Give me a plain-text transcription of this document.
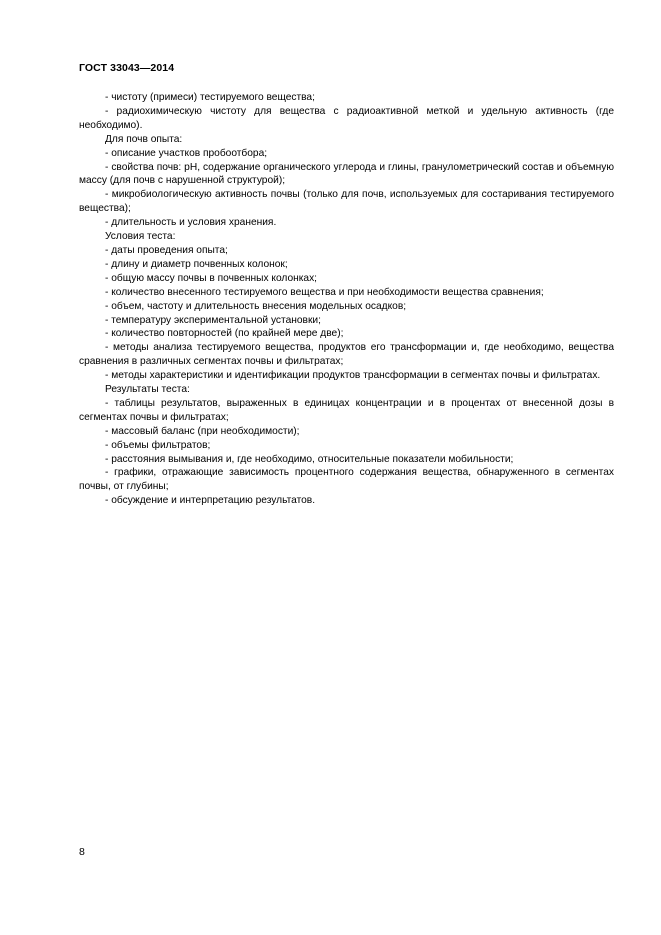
ГОСТ 33043—2014

- чистоту (примеси) тестируемого вещества;

- радиохимическую чистоту для вещества с радиоактивной меткой и удельную активность (где необходимо).

Для почв опыта:

- описание участков пробоотбора;

- свойства почв: pH, содержание органического углерода и глины, гранулометрический состав и объемную массу (для почв с нарушенной структурой);

- микробиологическую активность почвы (только для почв, используемых для состаривания тестируемого вещества);

- длительность и условия хранения.

Условия теста:

- даты проведения опыта;

- длину и диаметр почвенных колонок;

- общую массу почвы в почвенных колонках;

- количество внесенного тестируемого вещества и при необходимости вещества сравнения;

- объем, частоту и длительность внесения модельных осадков;

- температуру экспериментальной установки;

- количество повторностей (по крайней мере две);

- методы анализа тестируемого вещества, продуктов его трансформации и, где необходимо, вещества сравнения в различных сегментах почвы и фильтратах;

- методы характеристики и идентификации продуктов трансформации в сегментах почвы и фильтратах.

Результаты теста:

- таблицы результатов, выраженных в единицах концентрации и в процентах от внесенной дозы в сегментах почвы и фильтратах;

- массовый баланс (при необходимости);

- объемы фильтратов;

- расстояния вымывания и, где необходимо, относительные показатели мобильности;

- графики, отражающие зависимость процентного содержания вещества, обнаруженного в сегментах почвы, от глубины;

- обсуждение и интерпретацию результатов.

8
